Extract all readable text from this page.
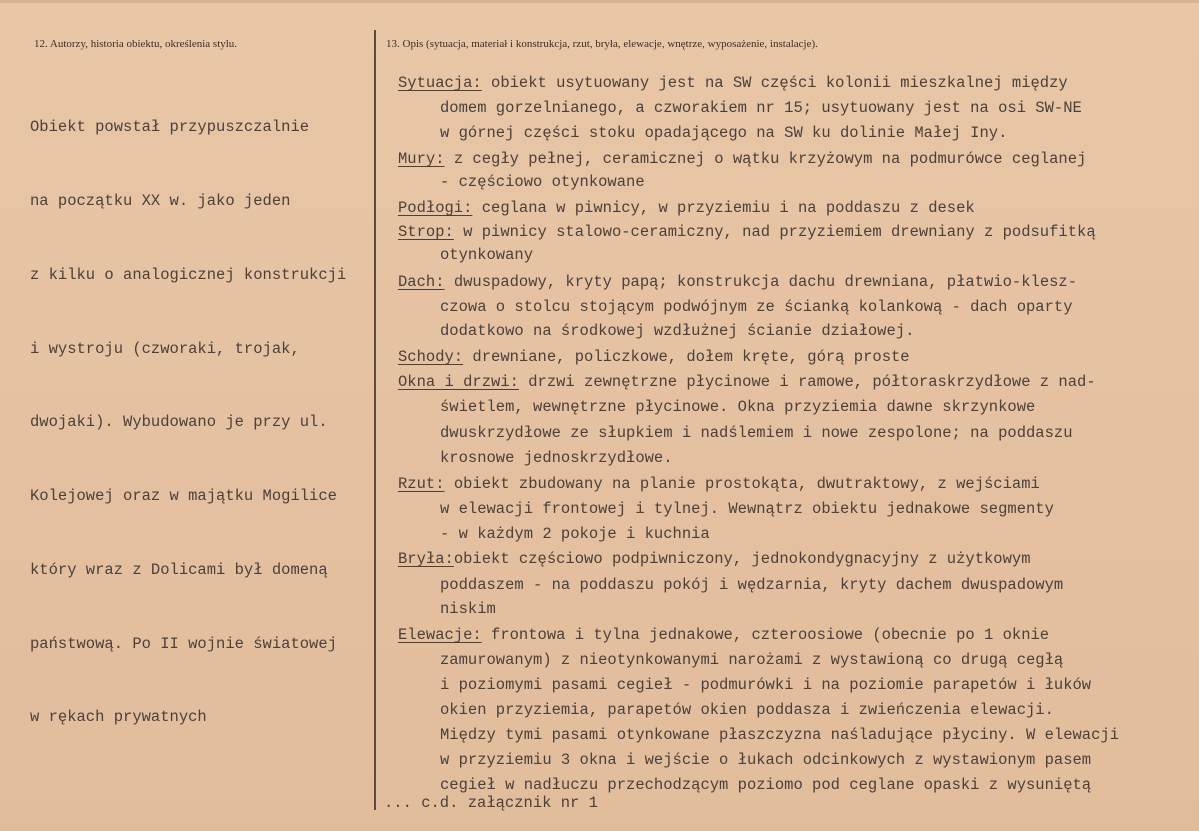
12. Autorzy, historia obiektu, określenia stylu.	13. Opis (sytuacja, materiał i konstrukcja, rzut, bryła, elewacje, wnętrze, wyposażenie, instalacje).

Obiekt powstał przypuszczalnie

na początku XX w. jako jeden

z kilku o analogicznej konstrukcji

i wystroju (czworaki, trojak,

dwojaki). Wybudowano je przy ul.

Kolejowej oraz w majątku Mogilice

który wraz z Dolicami był domeną

państwową. Po II wojnie światowej

w rękach prywatnych

Sytuacja: obiekt usytuowany jest na SW części kolonii mieszkalnej między
domem gorzelnianego, a czworakiem nr 15; usytuowany jest na osi SW-NE
w górnej części stoku opadającego na SW ku dolinie Małej Iny.
Mury: z cegły pełnej, ceramicznej o wątku krzyżowym na podmurówce ceglanej
- częściowo otynkowane
Podłogi: ceglana w piwnicy, w przyziemiu i na poddaszu z desek
Strop: w piwnicy stalowo-ceramiczny, nad przyziemiem drewniany z podsufitką
otynkowany
Dach: dwuspadowy, kryty papą; konstrukcja dachu drewniana, płatwio-klesz-
czowa o stolcu stojącym podwójnym ze ścianką kolankową - dach oparty
dodatkowo na środkowej wzdłużnej ścianie działowej.
Schody: drewniane, policzkowe, dołem kręte, górą proste
Okna i drzwi: drzwi zewnętrzne płycinowe i ramowe, półtoraskrzydłowe z nad-
świetlem, wewnętrzne płycinowe. Okna przyziemia dawne skrzynkowe
dwuskrzydłowe ze słupkiem i nadślemiem i nowe zespolone; na poddaszu
krosnowe jednoskrzydłowe.
Rzut: obiekt zbudowany na planie prostokąta, dwutraktowy, z wejściami
w elewacji frontowej i tylnej. Wewnątrz obiektu jednakowe segmenty
- w każdym 2 pokoje i kuchnia
Bryła:obiekt częściowo podpiwniczony, jednokondygnacyjny z użytkowym
poddaszem - na poddaszu pokój i wędzarnia, kryty dachem dwuspadowym
niskim
Elewacje: frontowa i tylna jednakowe, czteroosiowe (obecnie po 1 oknie
zamurowanym) z nieotynkowanymi narożami z wystawioną co drugą cegłą
i poziomymi pasami cegieł - podmurówki i na poziomie parapetów i łuków
okien przyziemia, parapetów okien poddasza i zwieńczenia elewacji.
Między tymi pasami otynkowane płaszczyzna naśladujące płyciny. W elewacji
w przyziemiu 3 okna i wejście o łukach odcinkowych z wystawionym pasem
cegieł w nadłuczu przechodzącym poziomo pod ceglane opaski z wysuniętą
... c.d. załącznik nr 1
